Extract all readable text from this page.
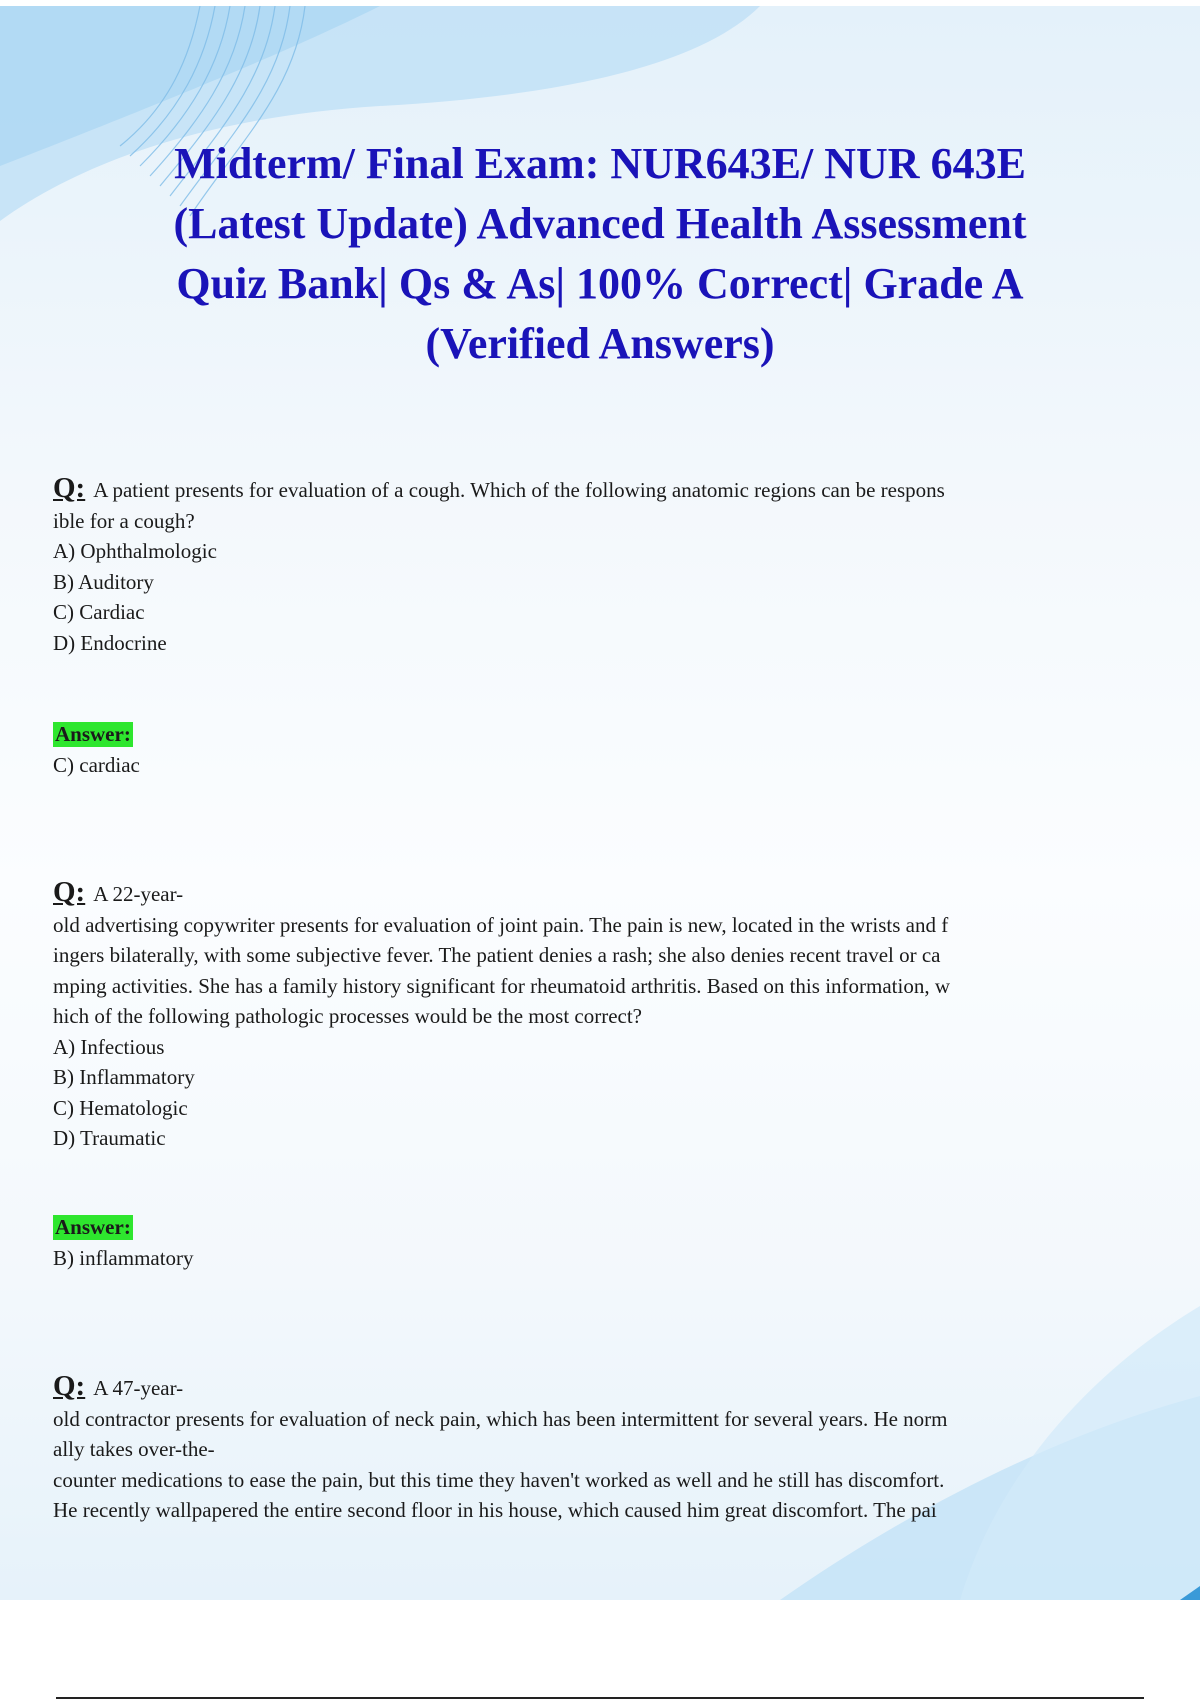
Midterm/ Final Exam: NUR643E/ NUR 643E
(Latest Update) Advanced Health Assessment
Quiz Bank| Qs & As| 100% Correct| Grade A
(Verified Answers)

Q: A patient presents for evaluation of a cough. Which of the following anatomic regions can be respons

ible for a cough?

A) Ophthalmologic

B) Auditory

C) Cardiac

D) Endocrine

Answer:

C) cardiac

Q: A 22-year-

old advertising copywriter presents for evaluation of joint pain. The pain is new, located in the wrists and f

ingers bilaterally, with some subjective fever. The patient denies a rash; she also denies recent travel or ca

mping activities. She has a family history significant for rheumatoid arthritis. Based on this information, w

hich of the following pathologic processes would be the most correct?

A) Infectious

B) Inflammatory

C) Hematologic

D) Traumatic

Answer:

B) inflammatory

Q: A 47-year-

old contractor presents for evaluation of neck pain, which has been intermittent for several years. He norm

ally takes over-the-

counter medications to ease the pain, but this time they haven't worked as well and he still has discomfort.

He recently wallpapered the entire second floor in his house, which caused him great discomfort. The pai
